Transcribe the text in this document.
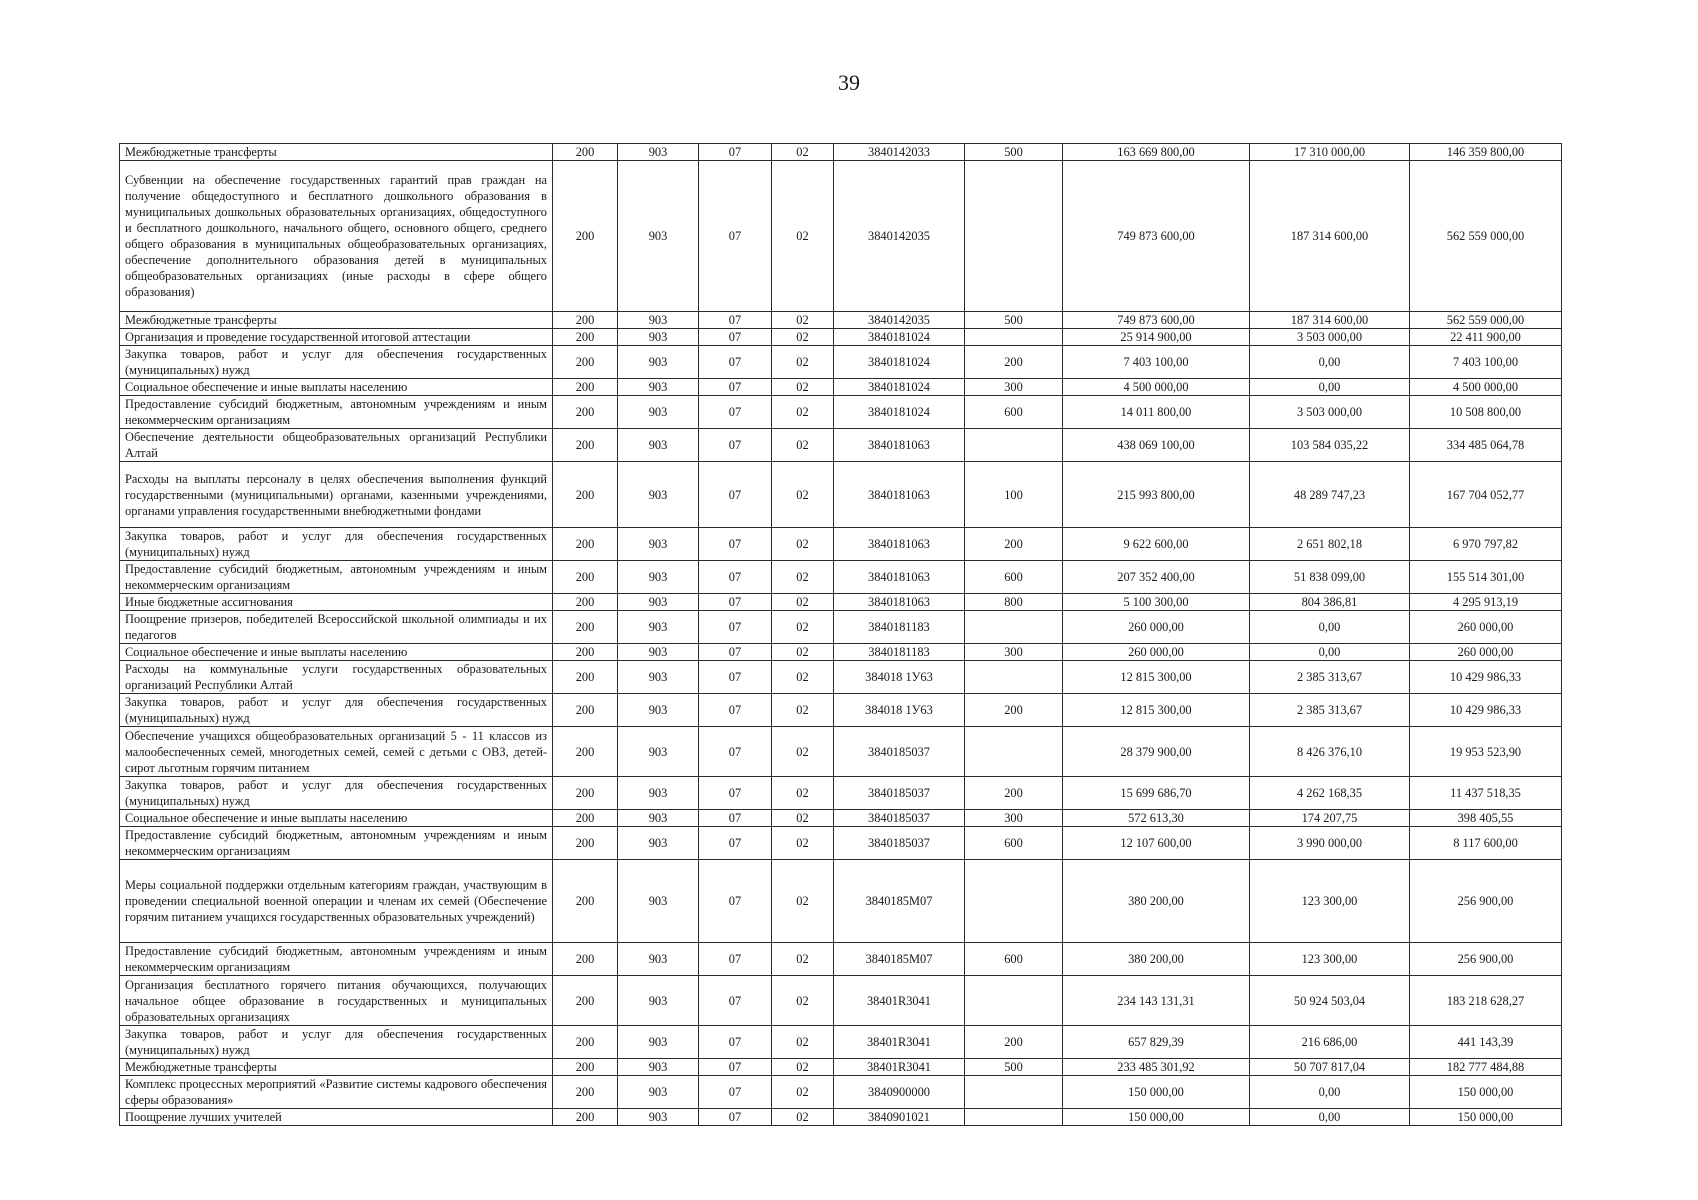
39
Межбюджетные трансферты	200	903	07	02	3840142033	500	163 669 800,00	17 310 000,00	146 359 800,00
Субвенции на обеспечение государственных гарантий прав граждан на получение общедоступного и бесплатного дошкольного образования в муниципальных дошкольных образовательных организациях, общедоступного и бесплатного дошкольного, начального общего, основного общего, среднего общего образования в муниципальных общеобразовательных организациях, обеспечение дополнительного образования детей в муниципальных общеобразовательных организациях (иные расходы в сфере общего образования)	200	903	07	02	3840142035		749 873 600,00	187 314 600,00	562 559 000,00
Межбюджетные трансферты	200	903	07	02	3840142035	500	749 873 600,00	187 314 600,00	562 559 000,00
Организация и проведение государственной итоговой аттестации	200	903	07	02	3840181024		25 914 900,00	3 503 000,00	22 411 900,00
Закупка товаров, работ и услуг для обеспечения государственных (муниципальных) нужд	200	903	07	02	3840181024	200	7 403 100,00	0,00	7 403 100,00
Социальное обеспечение и иные выплаты населению	200	903	07	02	3840181024	300	4 500 000,00	0,00	4 500 000,00
Предоставление субсидий бюджетным, автономным учреждениям и иным некоммерческим организациям	200	903	07	02	3840181024	600	14 011 800,00	3 503 000,00	10 508 800,00
Обеспечение деятельности общеобразовательных организаций Республики Алтай	200	903	07	02	3840181063		438 069 100,00	103 584 035,22	334 485 064,78
Расходы на выплаты персоналу в целях обеспечения выполнения функций государственными (муниципальными) органами, казенными учреждениями, органами управления государственными внебюджетными фондами	200	903	07	02	3840181063	100	215 993 800,00	48 289 747,23	167 704 052,77
Закупка товаров, работ и услуг для обеспечения государственных (муниципальных) нужд	200	903	07	02	3840181063	200	9 622 600,00	2 651 802,18	6 970 797,82
Предоставление субсидий бюджетным, автономным учреждениям и иным некоммерческим организациям	200	903	07	02	3840181063	600	207 352 400,00	51 838 099,00	155 514 301,00
Иные бюджетные ассигнования	200	903	07	02	3840181063	800	5 100 300,00	804 386,81	4 295 913,19
Поощрение призеров, победителей Всероссийской школьной олимпиады и их педагогов	200	903	07	02	3840181183		260 000,00	0,00	260 000,00
Социальное обеспечение и иные выплаты населению	200	903	07	02	3840181183	300	260 000,00	0,00	260 000,00
Расходы на коммунальные услуги государственных образовательных организаций Республики Алтай	200	903	07	02	384018 1У63		12 815 300,00	2 385 313,67	10 429 986,33
Закупка товаров, работ и услуг для обеспечения государственных (муниципальных) нужд	200	903	07	02	384018 1У63	200	12 815 300,00	2 385 313,67	10 429 986,33
Обеспечение учащихся общеобразовательных организаций 5 - 11 классов из малообеспеченных семей, многодетных семей, семей с детьми с ОВЗ, детей-сирот льготным горячим питанием	200	903	07	02	3840185037		28 379 900,00	8 426 376,10	19 953 523,90
Закупка товаров, работ и услуг для обеспечения государственных (муниципальных) нужд	200	903	07	02	3840185037	200	15 699 686,70	4 262 168,35	11 437 518,35
Социальное обеспечение и иные выплаты населению	200	903	07	02	3840185037	300	572 613,30	174 207,75	398 405,55
Предоставление субсидий бюджетным, автономным учреждениям и иным некоммерческим организациям	200	903	07	02	3840185037	600	12 107 600,00	3 990 000,00	8 117 600,00
Меры социальной поддержки отдельным категориям граждан, участвующим в проведении специальной военной операции и членам их семей (Обеспечение горячим питанием учащихся государственных образовательных учреждений)	200	903	07	02	3840185M07		380 200,00	123 300,00	256 900,00
Предоставление субсидий бюджетным, автономным учреждениям и иным некоммерческим организациям	200	903	07	02	3840185M07	600	380 200,00	123 300,00	256 900,00
Организация бесплатного горячего питания обучающихся, получающих начальное общее образование в государственных и муниципальных образовательных организациях	200	903	07	02	38401R3041		234 143 131,31	50 924 503,04	183 218 628,27
Закупка товаров, работ и услуг для обеспечения государственных (муниципальных) нужд	200	903	07	02	38401R3041	200	657 829,39	216 686,00	441 143,39
Межбюджетные трансферты	200	903	07	02	38401R3041	500	233 485 301,92	50 707 817,04	182 777 484,88
Комплекс процессных мероприятий «Развитие системы кадрового обеспечения сферы образования»	200	903	07	02	3840900000		150 000,00	0,00	150 000,00
Поощрение лучших учителей	200	903	07	02	3840901021		150 000,00	0,00	150 000,00
